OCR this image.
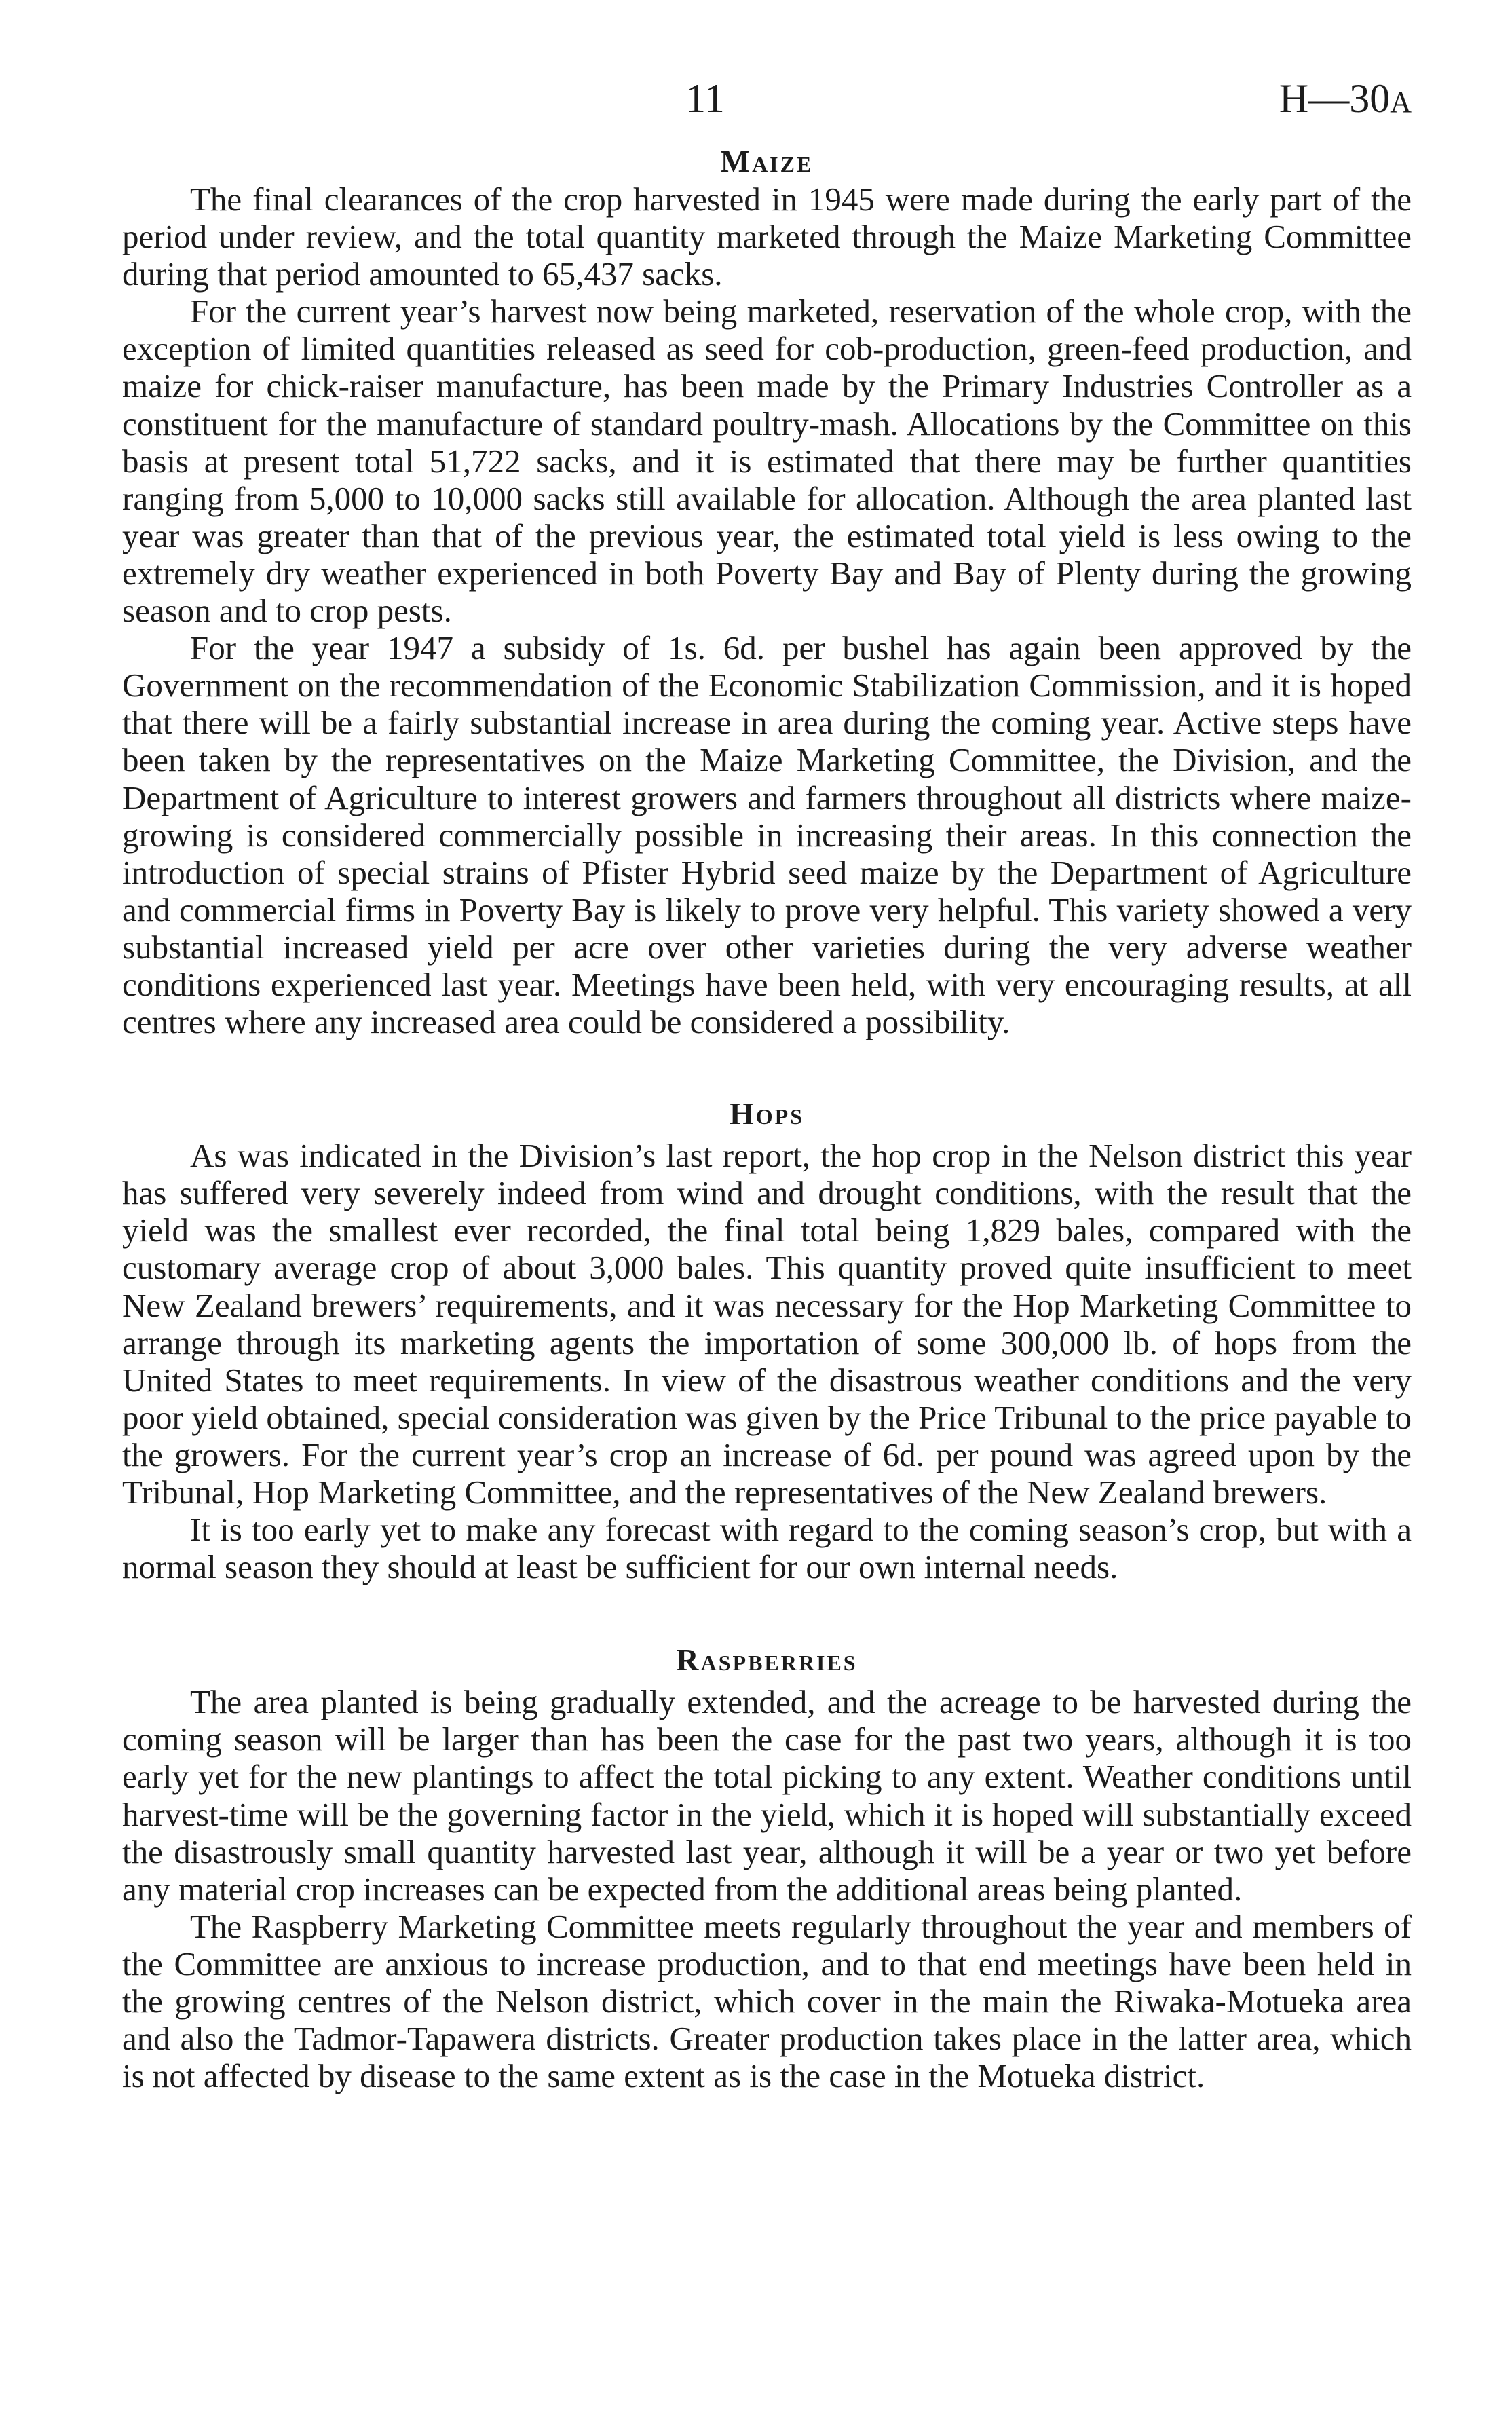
11	H—30A
Maize

The final clearances of the crop harvested in 1945 were made during the early part of the period under review, and the total quantity marketed through the Maize Marketing Committee during that period amounted to 65,437 sacks.

For the current year’s harvest now being marketed, reservation of the whole crop, with the exception of limited quantities released as seed for cob-production, green-feed production, and maize for chick-raiser manufacture, has been made by the Primary Industries Controller as a constituent for the manufacture of standard poultry-mash. Allocations by the Committee on this basis at present total 51,722 sacks, and it is estimated that there may be further quantities ranging from 5,000 to 10,000 sacks still available for allocation. Although the area planted last year was greater than that of the previous year, the estimated total yield is less owing to the extremely dry weather experienced in both Poverty Bay and Bay of Plenty during the growing season and to crop pests.

For the year 1947 a subsidy of 1s. 6d. per bushel has again been approved by the Government on the recommendation of the Economic Stabilization Commission, and it is hoped that there will be a fairly substantial increase in area during the coming year. Active steps have been taken by the representatives on the Maize Marketing Committee, the Division, and the Department of Agriculture to interest growers and farmers throughout all districts where maize-growing is considered commercially possible in increasing their areas. In this connection the introduction of special strains of Pfister Hybrid seed maize by the Department of Agriculture and commercial firms in Poverty Bay is likely to prove very helpful. This variety showed a very substantial increased yield per acre over other varieties during the very adverse weather conditions experienced last year. Meetings have been held, with very encouraging results, at all centres where any increased area could be considered a possibility.

Hops

As was indicated in the Division’s last report, the hop crop in the Nelson district this year has suffered very severely indeed from wind and drought conditions, with the result that the yield was the smallest ever recorded, the final total being 1,829 bales, compared with the customary average crop of about 3,000 bales. This quantity proved quite insufficient to meet New Zealand brewers’ requirements, and it was necessary for the Hop Marketing Committee to arrange through its marketing agents the importation of some 300,000 lb. of hops from the United States to meet requirements. In view of the disastrous weather conditions and the very poor yield obtained, special consideration was given by the Price Tribunal to the price payable to the growers. For the current year’s crop an increase of 6d. per pound was agreed upon by the Tribunal, Hop Marketing Committee, and the representatives of the New Zealand brewers.

It is too early yet to make any forecast with regard to the coming season’s crop, but with a normal season they should at least be sufficient for our own internal needs.

Raspberries

The area planted is being gradually extended, and the acreage to be harvested during the coming season will be larger than has been the case for the past two years, although it is too early yet for the new plantings to affect the total picking to any extent. Weather conditions until harvest-time will be the governing factor in the yield, which it is hoped will substantially exceed the disastrously small quantity harvested last year, although it will be a year or two yet before any material crop increases can be expected from the additional areas being planted.

The Raspberry Marketing Committee meets regularly throughout the year and members of the Committee are anxious to increase production, and to that end meetings have been held in the growing centres of the Nelson district, which cover in the main the Riwaka-Motueka area and also the Tadmor-Tapawera districts. Greater production takes place in the latter area, which is not affected by disease to the same extent as is the case in the Motueka district.
